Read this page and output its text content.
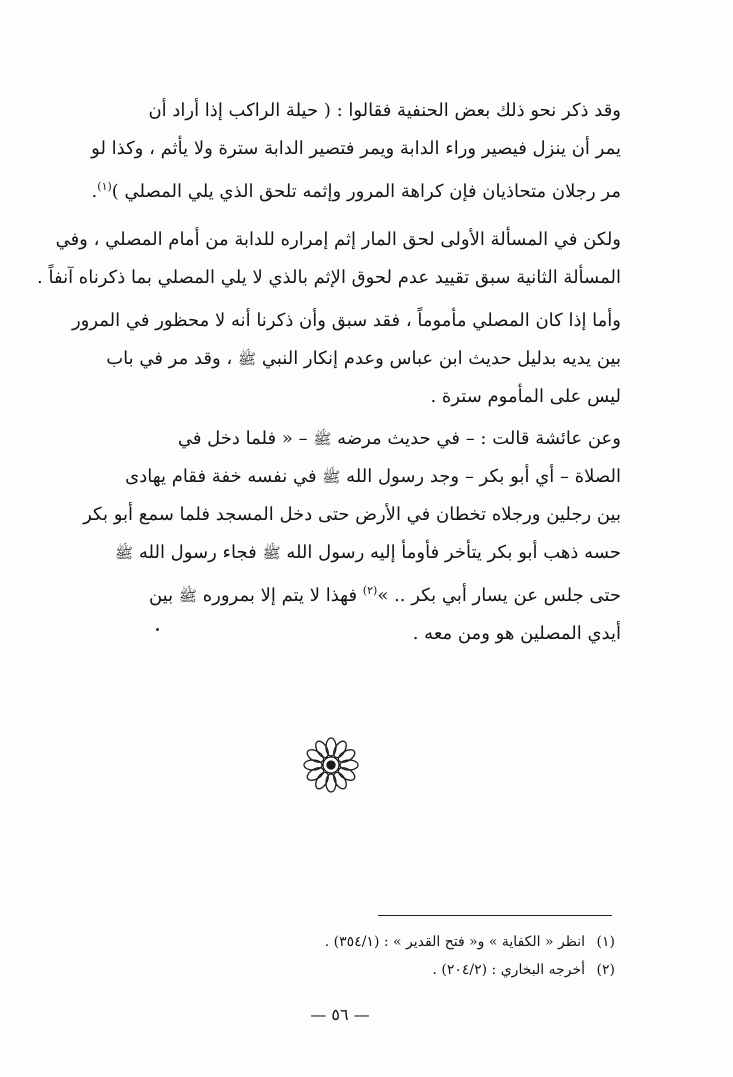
وقد ذكر نحو ذلك بعض الحنفية فقالوا : ( حيلة الراكب إذا أراد أن
يمر أن ينزل فيصير وراء الدابة ويمر فتصير الدابة سترة ولا يأثم ، وكذا لو
مر رجلان متحاذيان فإن كراهة المرور وإثمه تلحق الذي يلي المصلي )$^{(١)}$.
ولكن في المسألة الأولى لحق المار إثم إمراره للدابة من أمام المصلي ، وفي
المسألة الثانية سبق تقييد عدم لحوق الإثم بالذي لا يلي المصلي بما ذكرناه آنفاً .
وأما إذا كان المصلي مأموماً ، فقد سبق وأن ذكرنا أنه لا محظور في المرور
بين يديه بدليل حديث ابن عباس وعدم إنكار النبي ﷺ ، وقد مر في باب
ليس على المأموم سترة .
وعن عائشة قالت : – في حديث مرضه ﷺ – « فلما دخل في
الصلاة – أي أبو بكر – وجد رسول الله ﷺ في نفسه خفة فقام يهادى
بين رجلين ورجلاه تخطان في الأرض حتى دخل المسجد فلما سمع أبو بكر
حسه ذهب أبو بكر يتأخر فأومأ إليه رسول الله ﷺ فجاء رسول الله ﷺ
حتى جلس عن يسار أبي بكر .. »$^{(٢)}$ فهذا لا يتم إلا بمروره ﷺ بين
أيدي المصلين هو ومن معه .
(١)انظر « الكفاية » و« فتح القدير » : (٣٥٤/١) .
(٢)أخرجه البخاري : (٢٠٤/٢) .
— ٥٦ —
